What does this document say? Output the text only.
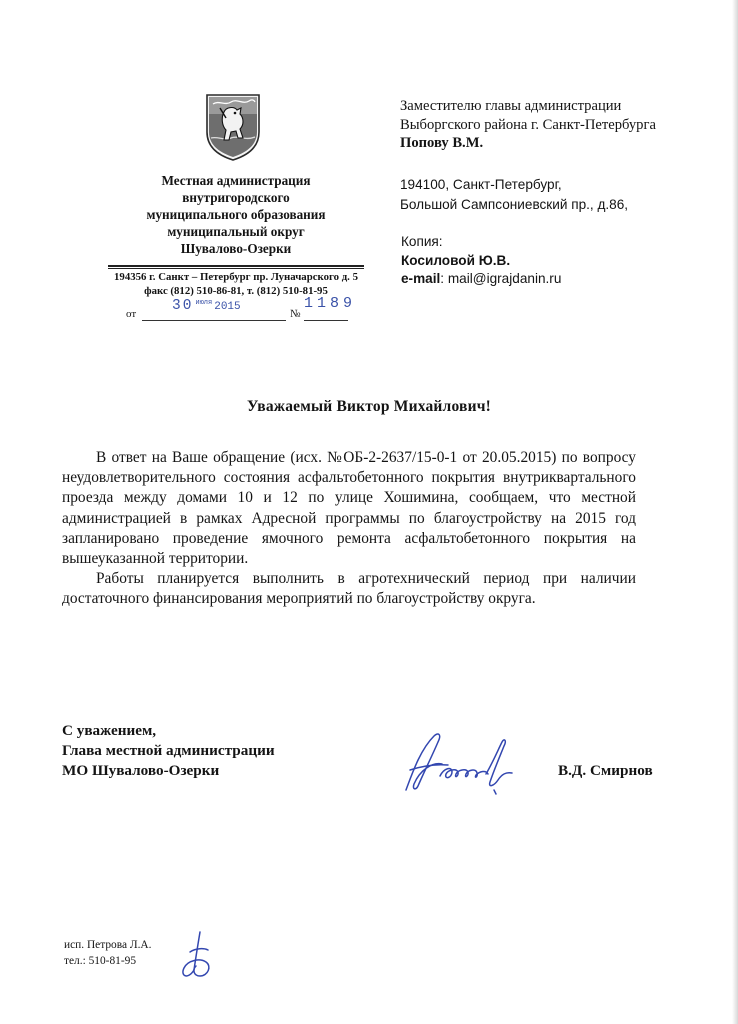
Местная администрация
внутригородского
муниципального образования
муниципальный округ
Шувалово-Озерки
194356 г. Санкт – Петербург пр. Луначарского д. 5
факс (812) 510-86-81, т. (812) 510-81-95
от	№
30 $^{июля}$ 2015	1189
Заместителю главы администрации
Выборгского района г. Санкт-Петербурга
Попову В.М.
194100, Санкт-Петербург,
Большой Сампсониевский пр., д.86,
Копия:
Косиловой Ю.В.
e-mail: mail@igrajdanin.ru
Уважаемый Виктор Михайлович!

В ответ на Ваше обращение (исх. №ОБ-2-2637/15-0-1 от 20.05.2015) по вопросу неудовлетворительного состояния асфальтобетонного покрытия внутриквартального проезда между домами 10 и 12 по улице Хошимина, сообщаем, что местной администрацией в рамках Адресной программы по благоустройству на 2015 год запланировано проведение ямочного ремонта асфальтобетонного покрытия на вышеуказанной территории.

Работы планируется выполнить в агротехнический период при наличии достаточного финансирования мероприятий по благоустройству округа.

С уважением,
Глава местной администрации
МО Шувалово-Озерки	В.Д. Смирнов
исп. Петрова Л.А.
тел.: 510-81-95
